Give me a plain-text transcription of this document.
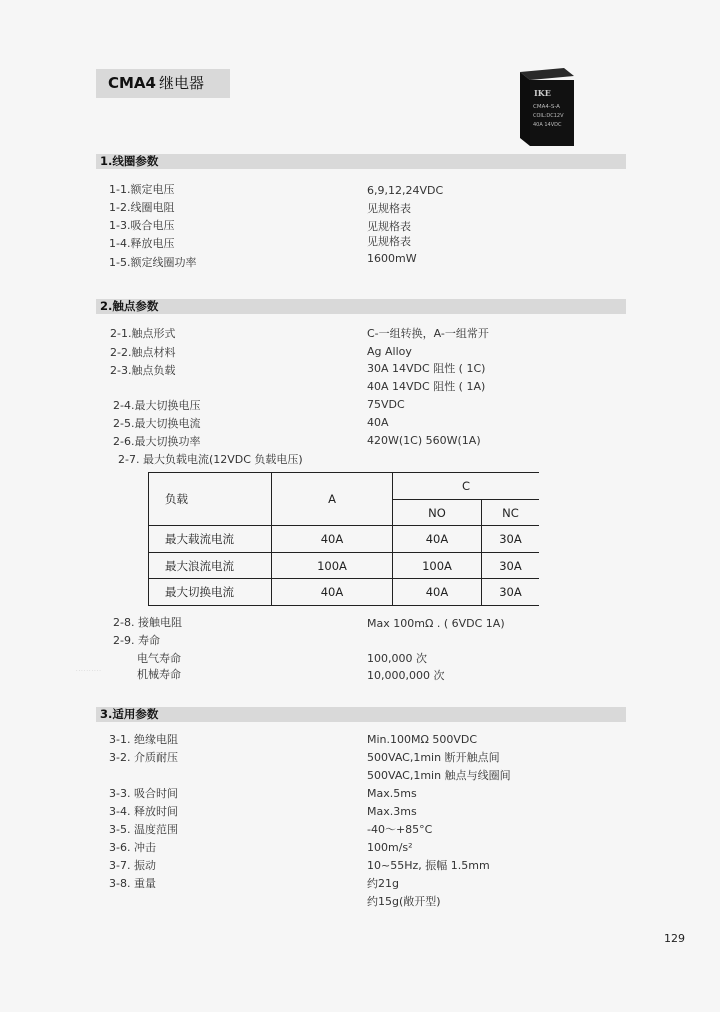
CMA4 继电器
IKE
CMA4-S-A
COIL:DC12V
40A 14VDC
1.线圈参数
1-1.额定电压	6,9,12,24VDC
1-2.线圈电阻	见规格表
1-3.吸合电压	见规格表
1-4.释放电压	见规格表
1-5.额定线圈功率	1600mW
2.触点参数
2-1.触点形式	C-一组转换，A-一组常开
2-2.触点材料	Ag Alloy
2-3.触点负载	30A 14VDC 阻性 ( 1C)
40A 14VDC 阻性 ( 1A)
2-4.最大切换电压	75VDC
2-5.最大切换电流	40A
2-6.最大切换功率	420W(1C) 560W(1A)
2-7. 最大负载电流(12VDC 负载电压)
负载	A	C	
		NO	NC
最大载流电流	40A	40A	30A
最大浪流电流	100A	100A	30A
最大切换电流	40A	40A	30A
2-8. 接触电阻	Max 100mΩ . ( 6VDC 1A)
2-9. 寿命
电气寿命	100,000 次
机械寿命	10,000,000 次
··········
3.适用参数
3-1. 绝缘电阻	Min.100MΩ 500VDC
3-2. 介质耐压	500VAC,1min 断开触点间
500VAC,1min 触点与线圈间
3-3. 吸合时间	Max.5ms
3-4. 释放时间	Max.3ms
3-5. 温度范围	-40～+85°C
3-6. 冲击	100m/s²
3-7. 振动	10~55Hz, 振幅 1.5mm
3-8. 重量	约21g
约15g(敞开型)
129
